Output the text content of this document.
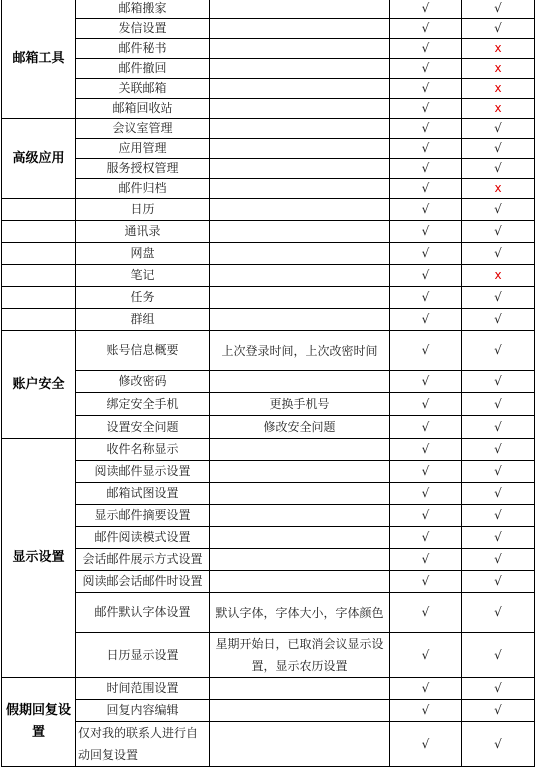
邮箱工具	邮箱搬家		√	√
	发信设置		√	√
	邮件秘书		√	x
	邮件撤回		√	x
	关联邮箱		√	x
	邮箱回收站		√	x
高级应用	会议室管理		√	√
	应用管理		√	√
	服务授权管理		√	√
	邮件归档		√	x
	日历		√	√
	通讯录		√	√
	网盘		√	√
	笔记		√	x
	任务		√	√
	群组		√	√
账户安全	账号信息概要	上次登录时间，上次改密时间	√	√
	修改密码		√	√
	绑定安全手机	更换手机号	√	√
	设置安全问题	修改安全问题	√	√
显示设置	收件名称显示		√	√
	阅读邮件显示设置		√	√
	邮箱试图设置		√	√
	显示邮件摘要设置		√	√
	邮件阅读模式设置		√	√
	会话邮件展示方式设置		√	√
	阅读邮会话邮件时设置		√	√
	邮件默认字体设置	默认字体，字体大小，字体颜色	√	√
	日历显示设置	星期开始日，已取消会议显示设置，显示农历设置	√	√
假期回复设置	时间范围设置		√	√
	回复内容编辑		√	√
	仅对我的联系人进行自动回复设置		√	√
